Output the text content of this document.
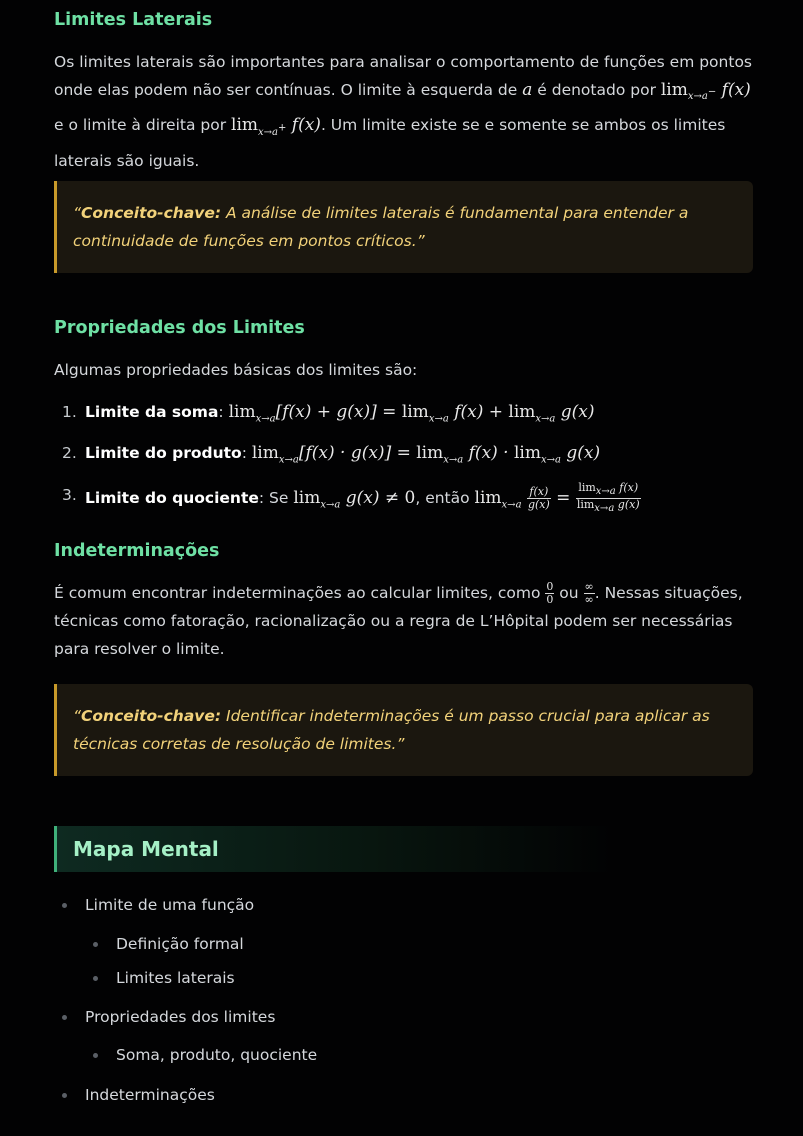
Limites Laterais

Os limites laterais são importantes para analisar o comportamento de funções em pontos onde elas podem não ser contínuas. O limite à esquerda de a é denotado por $\lim_{x\to a^-} f(x)$ e o limite à direita por $\lim_{x\to a^+} f(x)$. Um limite existe se e somente se ambos os limites laterais são iguais.

“Conceito-chave: A análise de limites laterais é fundamental para entender a continuidade de funções em pontos críticos.”
Propriedades dos Limites

Algumas propriedades básicas dos limites são:

1. Limite da soma: $\lim_{x\to a}[f(x) + g(x)] = \lim_{x\to a} f(x) + \lim_{x\to a} g(x)$
2. Limite do produto: $\lim_{x\to a}[f(x) \cdot g(x)] = \lim_{x\to a} f(x) \cdot \lim_{x\to a} g(x)$
3. Limite do quociente: Se $\lim_{x\to a} g(x) \ne 0$, então $\lim_{x\to a} \frac{f(x)}{g(x)} = \frac{\lim_{x\to a} f(x)}{\lim_{x\to a} g(x)}$
Indeterminações

É comum encontrar indeterminações ao calcular limites, como $\frac{0}{0}$ ou $\frac{\infty}{\infty}$ . Nessas situações, técnicas como fatoração, racionalização ou a regra de L’Hôpital podem ser necessárias para resolver o limite.

“Conceito-chave: Identificar indeterminações é um passo crucial para aplicar as técnicas corretas de resolução de limites.”
Mapa Mental
Limite de uma função
Definição formal
Limites laterais
Propriedades dos limites
Soma, produto, quociente
Indeterminações
